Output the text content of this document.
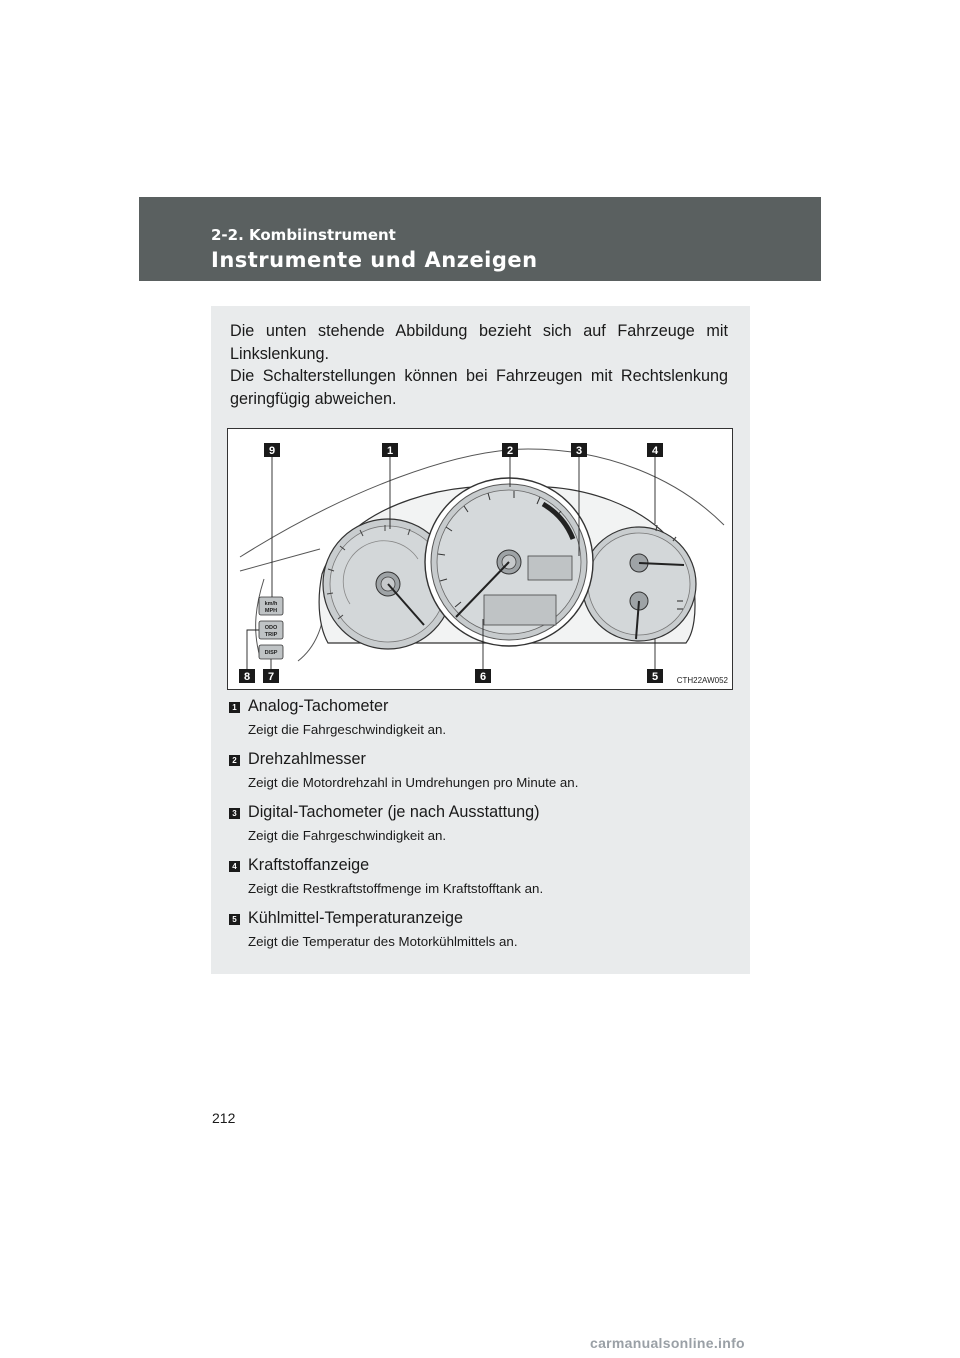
2-2. Kombiinstrument
Instrumente und Anzeigen

Die unten stehende Abbildung bezieht sich auf Fahrzeuge mit Linkslenkung.

Die Schalterstellungen können bei Fahrzeugen mit Rechtslenkung geringfügig abweichen.

km/h
MPH
ODO
TRIP
DISP
9	1	2	3	4
8 7	6	5 CTH22AW052
1 Analog-Tachometer
Zeigt die Fahrgeschwindigkeit an.
2 Drehzahlmesser
Zeigt die Motordrehzahl in Umdrehungen pro Minute an.
3 Digital-Tachometer (je nach Ausstattung)
Zeigt die Fahrgeschwindigkeit an.
4 Kraftstoffanzeige
Zeigt die Restkraftstoffmenge im Kraftstofftank an.
5 Kühlmittel-Temperaturanzeige
Zeigt die Temperatur des Motorkühlmittels an.
212
carmanualsonline.info
